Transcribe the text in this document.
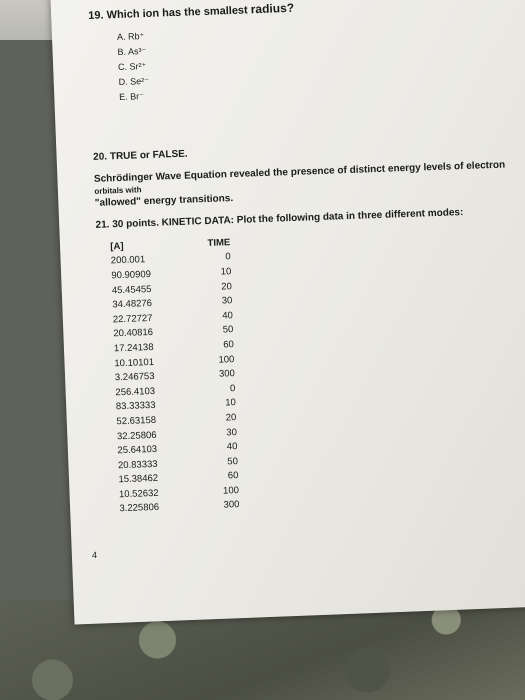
19. Which ion has the smallest radius?
A. Rb⁺
B. As³⁻
C. Sr²⁺
D. Se²⁻
E. Br⁻
20. TRUE or FALSE.
Schrödinger Wave Equation revealed the presence of distinct energy levels of electron orbitals with
"allowed" energy transitions.
21. 30 points. KINETIC DATA: Plot the following data in three different modes:
[A]	TIME
200.001	0
90.90909	10
45.45455	20
34.48276	30
22.72727	40
20.40816	50
17.24138	60
10.10101	100
3.246753	300
256.4103	0
83.33333	10
52.63158	20
32.25806	30
25.64103	40
20.83333	50
15.38462	60
10.52632	100
3.225806	300
4
